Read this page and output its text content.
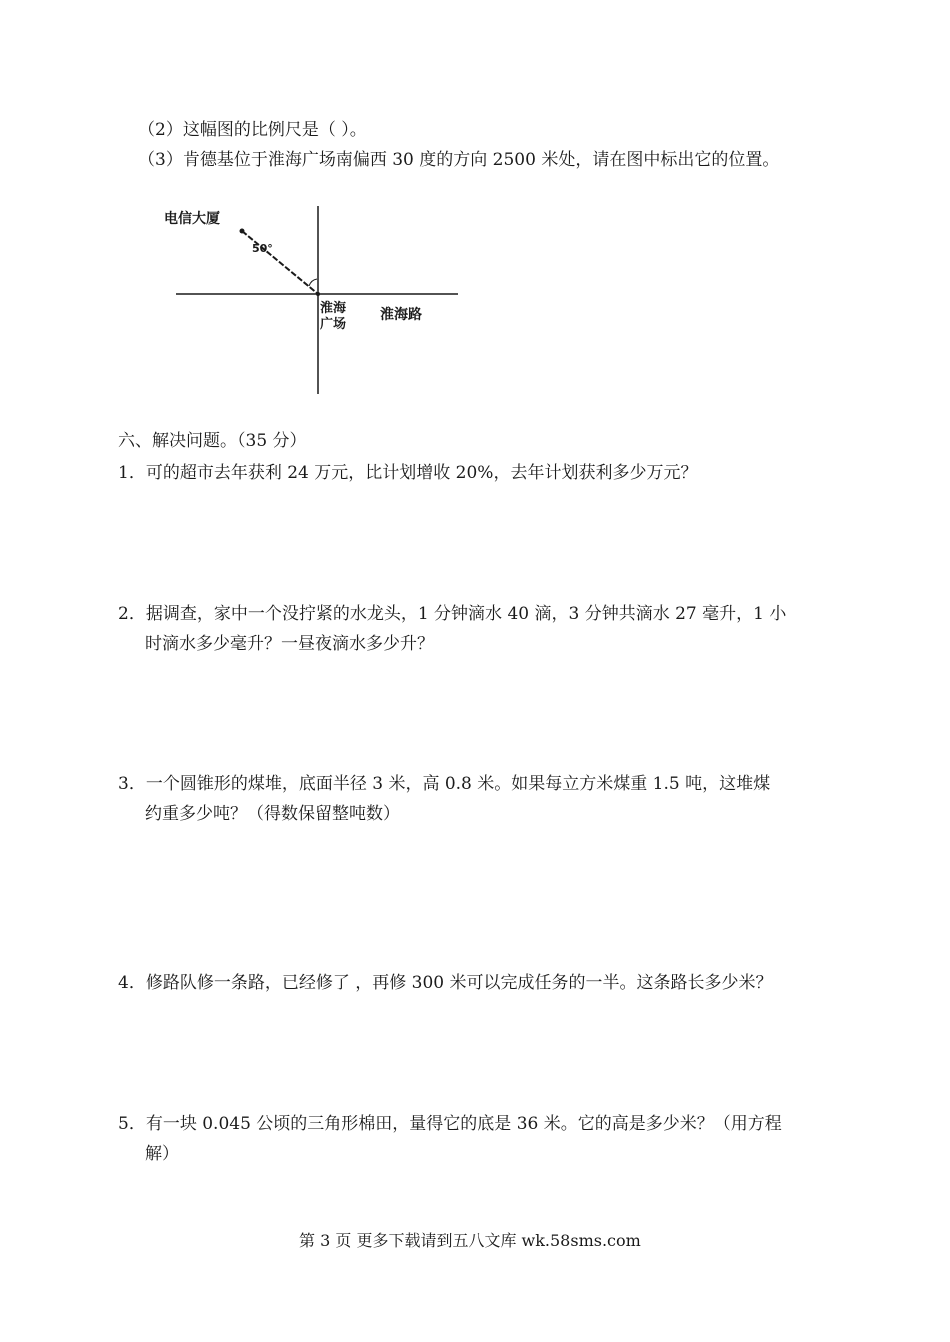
（2）这幅图的比例尺是（ ）。
（3）肯德基位于淮海广场南偏西 30 度的方向 2500 米处，请在图中标出它的位置。
电信大厦
50°
淮海
广场
淮海路
六、解决问题。（35 分）
1．可的超市去年获利 24 万元，比计划增收 20%，去年计划获利多少万元？
2．据调查，家中一个没拧紧的水龙头，1 分钟滴水 40 滴，3 分钟共滴水 27 毫升，1 小
时滴水多少毫升？一昼夜滴水多少升？
3．一个圆锥形的煤堆，底面半径 3 米，高 0.8 米。如果每立方米煤重 1.5 吨，这堆煤
约重多少吨？（得数保留整吨数）
4．修路队修一条路，已经修了 ，再修 300 米可以完成任务的一半。这条路长多少米？
5．有一块 0.045 公顷的三角形棉田，量得它的底是 36 米。它的高是多少米？（用方程
解）
第 3 页 更多下载请到五八文库 wk.58sms.com
